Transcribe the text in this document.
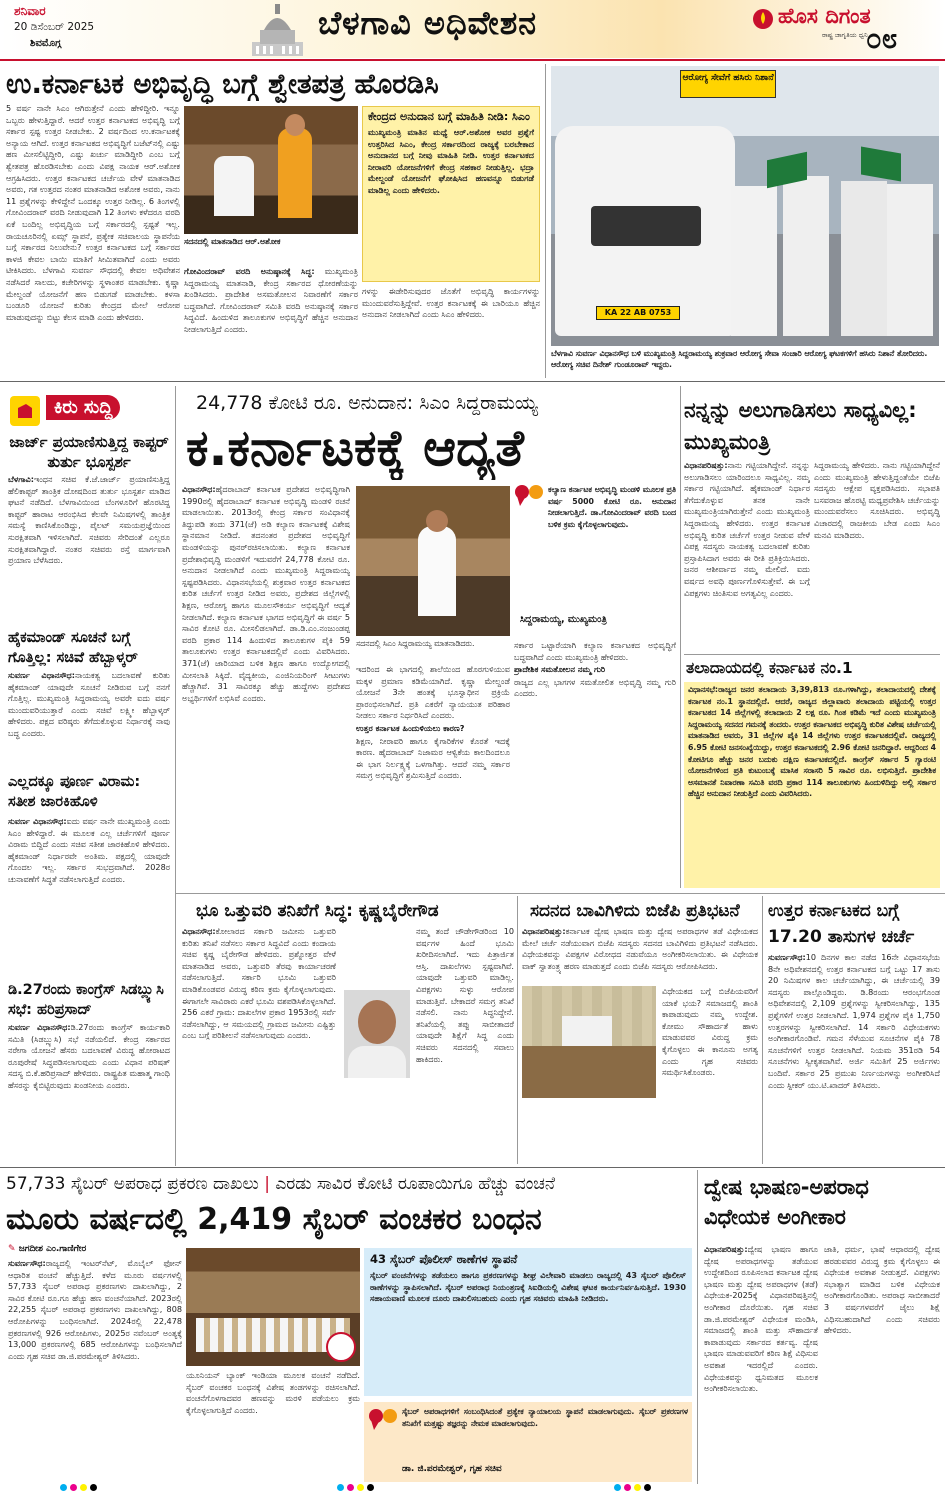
ಶನಿವಾರ
20 ಡಿಸೆಂಬರ್ 2025
ಶಿವಮೊಗ್ಗ
ಬೆಳಗಾವಿ ಅಧಿವೇಶನ	ಹೊಸ ದಿಗಂತ
ರಾಷ್ಟ್ರ ಜಾಗೃತಿಯ ಧ್ವನಿ
೦೮
ಉ.ಕರ್ನಾಟಕ ಅಭಿವೃದ್ಧಿ ಬಗ್ಗೆ ಶ್ವೇತಪತ್ರ ಹೊರಡಿಸಿ

5 ವರ್ಷ ನಾನೇ ಸಿಎಂ ಆಗಿರುತ್ತೇನೆ ಎಂದು ಹೇಳಿದ್ದೀರಿ. ಇನ್ನೂ ಒಬ್ಬರು ಹೇಳುತ್ತಿದ್ದಾರೆ. ಆದರೆ ಉತ್ತರ ಕರ್ನಾಟಕದ ಅಭಿವೃದ್ಧಿ ಬಗ್ಗೆ ಸರ್ಕಾರ ಸ್ಪಷ್ಟ ಉತ್ತರ ನೀಡಬೇಕು. 2 ವರ್ಷದಿಂದ ಉ.ಕರ್ನಾಟಕಕ್ಕೆ ಅನ್ಯಾಯ ಆಗಿದೆ. ಉತ್ತರ ಕರ್ನಾಟಕದ ಅಭಿವೃದ್ಧಿಗೆ ಬಜೆಟ್‌ನಲ್ಲಿ ಎಷ್ಟು ಹಣ ಮೀಸಲಿಟ್ಟಿದ್ದೀರಿ, ಎಷ್ಟು ಖರ್ಚು ಮಾಡಿದ್ದೀರಿ ಎಂಬ ಬಗ್ಗೆ ಶ್ವೇತಪತ್ರ ಹೊರಡಿಸಬೇಕು ಎಂದು ವಿಪಕ್ಷ ನಾಯಕ ಆರ್.ಅಶೋಕ ಆಗ್ರಹಿಸಿದರು. ಉತ್ತರ ಕರ್ನಾಟಕದ ಚರ್ಚೆಯ ವೇಳೆ ಮಾತನಾಡಿದ ಅವರು, ಗತ ಉತ್ತರದ ನಂತರ ಮಾತನಾಡಿದ ಅಶೋಕ ಅವರು, ನಾನು 11 ಪ್ರಶ್ನೆಗಳನ್ನು ಕೇಳಿದ್ದೇನೆ ಒಂದಕ್ಕೂ ಉತ್ತರ ನೀಡಿಲ್ಲ. 6 ತಿಂಗಳಲ್ಲಿ ಗೋವಿಂದರಾವ್ ವರದಿ ನೀಡುವುದಾಗಿ 12 ತಿಂಗಳು ಕಳೆದರೂ ವರದಿ ಏಕೆ ಬಂದಿಲ್ಲ ಅಭಿವೃದ್ಧಿಯ ಬಗ್ಗೆ ಸರ್ಕಾರದಲ್ಲಿ ಸ್ಪಷ್ಟತೆ ಇಲ್ಲ. ರಾಯಚೂರಿನಲ್ಲಿ ಏಮ್ಸ್ ಸ್ಥಾಪನೆ, ಪ್ರತ್ಯೇಕ ಸಚಿವಾಲಯ ಸ್ಥಾಪನೆಯ ಬಗ್ಗೆ ಸರ್ಕಾರದ ನಿಲುವೇನು? ಉತ್ತರ ಕರ್ನಾಟಕದ ಬಗ್ಗೆ ಸರ್ಕಾರದ ಕಾಳಜಿ ಕೇವಲ ಬಾಯಿ ಮಾತಿಗೆ ಸೀಮಿತವಾಗಿದೆ ಎಂದು ಅವರು ಟೀಕಿಸಿದರು. ಬೆಳಗಾವಿ ಸುವರ್ಣ ಸೌಧದಲ್ಲಿ ಕೇವಲ ಅಧಿವೇಶನ ನಡೆಸಿದರೆ ಸಾಲದು, ಕಚೇರಿಗಳನ್ನು ಸ್ಥಳಾಂತರ ಮಾಡಬೇಕು. ಕೃಷ್ಣಾ ಮೇಲ್ದಂಡೆ ಯೋಜನೆಗೆ ಹಣ ಬಿಡುಗಡೆ ಮಾಡಬೇಕು. ಕಳಸಾ ಬಂಡೂರಿ ಯೋಜನೆ ಕುರಿತು ಕೇಂದ್ರದ ಮೇಲೆ ಆರೋಪ ಮಾಡುವುದನ್ನು ಬಿಟ್ಟು ಕೆಲಸ ಮಾಡಿ ಎಂದು ಹೇಳಿದರು.

ಸದನದಲ್ಲಿ ಮಾತನಾಡಿದ ಆರ್.ಅಶೋಕ

ಗೋವಿಂದರಾವ್ ವರದಿ ಅನುಷ್ಠಾನಕ್ಕೆ ಸಿದ್ಧ: ಮುಖ್ಯಮಂತ್ರಿ ಸಿದ್ದರಾಮಯ್ಯ ಮಾತನಾಡಿ, ಕೇಂದ್ರ ಸರ್ಕಾರದ ಧೋರಣೆಯನ್ನು ಖಂಡಿಸಿದರು. ಪ್ರಾದೇಶಿಕ ಅಸಮತೋಲನ ನಿವಾರಣೆಗೆ ಸರ್ಕಾರ ಬದ್ಧವಾಗಿದೆ. ಗೋವಿಂದರಾವ್ ಸಮಿತಿ ವರದಿ ಅನುಷ್ಠಾನಕ್ಕೆ ಸರ್ಕಾರ ಸಿದ್ಧವಿದೆ. ಹಿಂದುಳಿದ ತಾಲೂಕುಗಳ ಅಭಿವೃದ್ಧಿಗೆ ಹೆಚ್ಚಿನ ಅನುದಾನ ನೀಡಲಾಗುತ್ತಿದೆ ಎಂದರು.

ಕೇಂದ್ರದ ಅನುದಾನ ಬಗ್ಗೆ ಮಾಹಿತಿ ನೀಡಿ: ಸಿಎಂ
ಮುಖ್ಯಮಂತ್ರಿ ಮಾತಿನ ಮಧ್ಯೆ ಆರ್.ಅಶೋಕ ಅವರ ಪ್ರಶ್ನೆಗೆ ಉತ್ತರಿಸಿದ ಸಿಎಂ, ಕೇಂದ್ರ ಸರ್ಕಾರದಿಂದ ರಾಜ್ಯಕ್ಕೆ ಬರಬೇಕಾದ ಅನುದಾನದ ಬಗ್ಗೆ ನೀವು ಮಾಹಿತಿ ನೀಡಿ. ಉತ್ತರ ಕರ್ನಾಟಕದ ನೀರಾವರಿ ಯೋಜನೆಗಳಿಗೆ ಕೇಂದ್ರ ಸಹಕಾರ ನೀಡುತ್ತಿಲ್ಲ. ಭದ್ರಾ ಮೇಲ್ದಂಡೆ ಯೋಜನೆಗೆ ಘೋಷಿಸಿದ ಹಣವನ್ನೂ ಬಿಡುಗಡೆ ಮಾಡಿಲ್ಲ ಎಂದು ಹೇಳಿದರು.
ಗಳನ್ನು ಈಡೇರಿಸುವುದರ ಜೊತೆಗೆ ಅಭಿವೃದ್ಧಿ ಕಾರ್ಯಗಳನ್ನು ಮುಂದುವರೆಸುತ್ತಿದ್ದೇವೆ. ಉತ್ತರ ಕರ್ನಾಟಕಕ್ಕೆ ಈ ಬಾರಿಯೂ ಹೆಚ್ಚಿನ ಅನುದಾನ ನೀಡಲಾಗಿದೆ ಎಂದು ಸಿಎಂ ಹೇಳಿದರು.	KA 22 AB 0753
ಆರೋಗ್ಯ ಸೇವೆಗೆ ಹಸಿರು ನಿಶಾನೆ
ಬೆಳಗಾವಿ ಸುವರ್ಣ ವಿಧಾನಸೌಧ ಬಳಿ ಮುಖ್ಯಮಂತ್ರಿ ಸಿದ್ದರಾಮಯ್ಯ ಶುಕ್ರವಾರ ಆರೋಗ್ಯ ಸೇವಾ ಸಂಚಾರಿ ಆರೋಗ್ಯ ಘಟಕಗಳಿಗೆ ಹಸಿರು ನಿಶಾನೆ ತೋರಿದರು. ಆರೋಗ್ಯ ಸಚಿವ ದಿನೇಶ್ ಗುಂಡೂರಾವ್ ಇದ್ದರು.
ಕಿರು ಸುದ್ದಿ
ಜಾರ್ಜ್ ಪ್ರಯಾಣಿಸುತ್ತಿದ್ದ ಕಾಪ್ಟರ್ ತುರ್ತು ಭೂಸ್ಪರ್ಶ

ಬೆಳಗಾವಿ:ಇಂಧನ ಸಚಿವ ಕೆ.ಜೆ.ಜಾರ್ಜ್ ಪ್ರಯಾಣಿಸುತ್ತಿದ್ದ ಹೆಲಿಕಾಪ್ಟರ್ ತಾಂತ್ರಿಕ ದೋಷದಿಂದ ತುರ್ತು ಭೂಸ್ಪರ್ಶ ಮಾಡಿದ ಘಟನೆ ನಡೆದಿದೆ. ಬೆಳಗಾವಿಯಿಂದ ಬೆಂಗಳೂರಿಗೆ ಹೊರಟಿದ್ದ ಕಾಪ್ಟರ್ ಹಾರಾಟ ಆರಂಭಿಸಿದ ಕೆಲವೇ ನಿಮಿಷಗಳಲ್ಲಿ ತಾಂತ್ರಿಕ ಸಮಸ್ಯೆ ಕಾಣಿಸಿಕೊಂಡಿದ್ದು, ಪೈಲಟ್ ಸಮಯಪ್ರಜ್ಞೆಯಿಂದ ಸುರಕ್ಷಿತವಾಗಿ ಇಳಿಸಲಾಗಿದೆ. ಸಚಿವರು ಸೇರಿದಂತೆ ಎಲ್ಲರೂ ಸುರಕ್ಷಿತವಾಗಿದ್ದಾರೆ. ನಂತರ ಸಚಿವರು ರಸ್ತೆ ಮಾರ್ಗವಾಗಿ ಪ್ರಯಾಣ ಬೆಳೆಸಿದರು.

ಹೈಕಮಾಂಡ್ ಸೂಚನೆ ಬಗ್ಗೆ ಗೊತ್ತಿಲ್ಲ: ಸಚಿವೆ ಹೆಬ್ಬಾಳ್ಕರ್

ಸುವರ್ಣ ವಿಧಾನಸೌಧ:ನಾಯಕತ್ವ ಬದಲಾವಣೆ ಕುರಿತು ಹೈಕಮಾಂಡ್ ಯಾವುದೇ ಸೂಚನೆ ನೀಡಿರುವ ಬಗ್ಗೆ ನನಗೆ ಗೊತ್ತಿಲ್ಲ. ಮುಖ್ಯಮಂತ್ರಿ ಸಿದ್ದರಾಮಯ್ಯ ಅವರೇ ಐದು ವರ್ಷ ಮುಂದುವರಿಯುತ್ತಾರೆ ಎಂದು ಸಚಿವೆ ಲಕ್ಷ್ಮೀ ಹೆಬ್ಬಾಳ್ಕರ್ ಹೇಳಿದರು. ಪಕ್ಷದ ವರಿಷ್ಠರು ತೆಗೆದುಕೊಳ್ಳುವ ನಿರ್ಧಾರಕ್ಕೆ ನಾವು ಬದ್ಧ ಎಂದರು.

ಎಲ್ಲದಕ್ಕೂ ಪೂರ್ಣ ವಿರಾಮ: ಸತೀಶ ಜಾರಕಿಹೊಳಿ

ಸುವರ್ಣ ವಿಧಾನಸೌಧ:ಐದು ವರ್ಷ ನಾನೇ ಮುಖ್ಯಮಂತ್ರಿ ಎಂದು ಸಿಎಂ ಹೇಳಿದ್ದಾರೆ. ಈ ಮೂಲಕ ಎಲ್ಲ ಚರ್ಚೆಗಳಿಗೆ ಪೂರ್ಣ ವಿರಾಮ ಬಿದ್ದಿದೆ ಎಂದು ಸಚಿವ ಸತೀಶ ಜಾರಕಿಹೊಳಿ ಹೇಳಿದರು. ಹೈಕಮಾಂಡ್ ನಿರ್ಧಾರವೇ ಅಂತಿಮ. ಪಕ್ಷದಲ್ಲಿ ಯಾವುದೇ ಗೊಂದಲ ಇಲ್ಲ. ಸರ್ಕಾರ ಸುಭದ್ರವಾಗಿದೆ. 2028ರ ಚುನಾವಣೆಗೆ ಸಿದ್ಧತೆ ನಡೆಸಲಾಗುತ್ತಿದೆ ಎಂದರು.

ಡಿ.27ರಂದು ಕಾಂಗ್ರೆಸ್ ಸಿಡಬ್ಲ್ಯುಸಿ ಸಭೆ: ಹರಿಪ್ರಸಾದ್

ಸುವರ್ಣ ವಿಧಾನಸೌಧ:ಡಿ.27ರಂದು ಕಾಂಗ್ರೆಸ್ ಕಾರ್ಯಕಾರಿ ಸಮಿತಿ (ಸಿಡಬ್ಲ್ಯುಸಿ) ಸಭೆ ನಡೆಯಲಿದೆ. ಕೇಂದ್ರ ಸರ್ಕಾರದ ನರೇಗಾ ಯೋಜನೆ ಹೆಸರು ಬದಲಾವಣೆ ವಿರುದ್ಧ ಹೋರಾಟದ ರೂಪುರೇಷೆ ಸಿದ್ಧಪಡಿಸಲಾಗುವುದು ಎಂದು ವಿಧಾನ ಪರಿಷತ್ ಸದಸ್ಯ ಬಿ.ಕೆ.ಹರಿಪ್ರಸಾದ್ ಹೇಳಿದರು. ರಾಷ್ಟ್ರಪಿತ ಮಹಾತ್ಮ ಗಾಂಧಿ ಹೆಸರನ್ನು ಕೈಬಿಟ್ಟಿರುವುದು ಖಂಡನೀಯ ಎಂದರು.

24,778 ಕೋಟಿ ರೂ. ಅನುದಾನ: ಸಿಎಂ ಸಿದ್ದರಾಮಯ್ಯ
ಕ.ಕರ್ನಾಟಕಕ್ಕೆ ಆದ್ಯತೆ

ವಿಧಾನಸೌಧ:ಹೈದರಾಬಾದ್ ಕರ್ನಾಟಕ ಪ್ರದೇಶದ ಅಭಿವೃದ್ಧಿಗಾಗಿ 1990ರಲ್ಲಿ ಹೈದರಾಬಾದ್ ಕರ್ನಾಟಕ ಅಭಿವೃದ್ಧಿ ಮಂಡಳಿ ರಚನೆ ಮಾಡಲಾಯಿತು. 2013ರಲ್ಲಿ ಕೇಂದ್ರ ಸರ್ಕಾರ ಸಂವಿಧಾನಕ್ಕೆ ತಿದ್ದುಪಡಿ ತಂದು 371(ಜೆ) ಅಡಿ ಕಲ್ಯಾಣ ಕರ್ನಾಟಕಕ್ಕೆ ವಿಶೇಷ ಸ್ಥಾನಮಾನ ನೀಡಿದೆ. ತದನಂತರ ಪ್ರದೇಶದ ಅಭಿವೃದ್ಧಿಗೆ ಮಂಡಳಿಯನ್ನು ಪುನರ್‌ರಚಿಸಲಾಯಿತು. ಕಲ್ಯಾಣ ಕರ್ನಾಟಕ ಪ್ರದೇಶಾಭಿವೃದ್ಧಿ ಮಂಡಳಿಗೆ ಇದುವರೆಗೆ 24,778 ಕೋಟಿ ರೂ. ಅನುದಾನ ನೀಡಲಾಗಿದೆ ಎಂದು ಮುಖ್ಯಮಂತ್ರಿ ಸಿದ್ದರಾಮಯ್ಯ ಸ್ಪಷ್ಟಪಡಿಸಿದರು. ವಿಧಾನಸಭೆಯಲ್ಲಿ ಶುಕ್ರವಾರ ಉತ್ತರ ಕರ್ನಾಟಕದ ಕುರಿತ ಚರ್ಚೆಗೆ ಉತ್ತರ ನೀಡಿದ ಅವರು, ಪ್ರದೇಶದ ಜಿಲ್ಲೆಗಳಲ್ಲಿ ಶಿಕ್ಷಣ, ಆರೋಗ್ಯ ಹಾಗೂ ಮೂಲಸೌಕರ್ಯ ಅಭಿವೃದ್ಧಿಗೆ ಆದ್ಯತೆ ನೀಡಲಾಗಿದೆ. ಕಲ್ಯಾಣ ಕರ್ನಾಟಕ ಭಾಗದ ಅಭಿವೃದ್ಧಿಗೆ ಈ ವರ್ಷ 5 ಸಾವಿರ ಕೋಟಿ ರೂ. ಮೀಸಲಿಡಲಾಗಿದೆ. ಡಾ.ಡಿ.ಎಂ.ನಂಜುಂಡಪ್ಪ ವರದಿ ಪ್ರಕಾರ 114 ಹಿಂದುಳಿದ ತಾಲೂಕುಗಳ ಪೈಕಿ 59 ತಾಲೂಕುಗಳು ಉತ್ತರ ಕರ್ನಾಟಕದಲ್ಲಿವೆ ಎಂದು ವಿವರಿಸಿದರು. 371(ಜೆ) ಜಾರಿಯಾದ ಬಳಿಕ ಶಿಕ್ಷಣ ಹಾಗೂ ಉದ್ಯೋಗದಲ್ಲಿ ಮೀಸಲಾತಿ ಸಿಕ್ಕಿದೆ. ವೈದ್ಯಕೀಯ, ಎಂಜಿನಿಯರಿಂಗ್ ಸೀಟುಗಳು ಹೆಚ್ಚಾಗಿವೆ. 31 ಸಾವಿರಕ್ಕೂ ಹೆಚ್ಚು ಹುದ್ದೆಗಳು ಪ್ರದೇಶದ ಅಭ್ಯರ್ಥಿಗಳಿಗೆ ಲಭಿಸಿವೆ ಎಂದರು.

ಸದನದಲ್ಲಿ ಸಿಎಂ ಸಿದ್ದರಾಮಯ್ಯ ಮಾತನಾಡಿದರು.

ಇದರಿಂದ ಈ ಭಾಗದಲ್ಲಿ ಶಾಲೆಯಿಂದ ಹೊರಗುಳಿಯುವ ಮಕ್ಕಳ ಪ್ರಮಾಣ ಕಡಿಮೆಯಾಗಿದೆ. ಕೃಷ್ಣಾ ಮೇಲ್ದಂಡೆ ಯೋಜನೆ 3ನೇ ಹಂತಕ್ಕೆ ಭೂಸ್ವಾಧೀನ ಪ್ರಕ್ರಿಯೆ ಪ್ರಾರಂಭಿಸಲಾಗಿದೆ. ಪ್ರತಿ ಎಕರೆಗೆ ನ್ಯಾಯಯುತ ಪರಿಹಾರ ನೀಡಲು ಸರ್ಕಾರ ನಿರ್ಧರಿಸಿದೆ ಎಂದರು.

ಉತ್ತರ ಕರ್ನಾಟಕ ಹಿಂದುಳಿಯಲು ಕಾರಣ?

ಶಿಕ್ಷಣ, ನೀರಾವರಿ ಹಾಗೂ ಕೈಗಾರಿಕೆಗಳ ಕೊರತೆ ಇದಕ್ಕೆ ಕಾರಣ. ಹೈದರಾಬಾದ್ ನಿಜಾಮರ ಆಳ್ವಿಕೆಯ ಕಾಲದಿಂದಲೂ ಈ ಭಾಗ ನಿರ್ಲಕ್ಷ್ಯಕ್ಕೆ ಒಳಗಾಗಿತ್ತು. ಆದರೆ ನಮ್ಮ ಸರ್ಕಾರ ಸಮಗ್ರ ಅಭಿವೃದ್ಧಿಗೆ ಶ್ರಮಿಸುತ್ತಿದೆ ಎಂದರು.

ಕಲ್ಯಾಣ ಕರ್ನಾಟಕ ಅಭಿವೃದ್ಧಿ ಮಂಡಳಿ ಮೂಲಕ ಪ್ರತಿ ವರ್ಷ 5000 ಕೋಟಿ ರೂ. ಅನುದಾನ ನೀಡಲಾಗುತ್ತಿದೆ. ಡಾ.ಗೋವಿಂದರಾವ್ ವರದಿ ಬಂದ ಬಳಿಕ ಕ್ರಮ ಕೈಗೊಳ್ಳಲಾಗುವುದು.
ಸಿದ್ದರಾಮಯ್ಯ, ಮುಖ್ಯಮಂತ್ರಿ

ಸರ್ಕಾರ ಒಟ್ಟಾರೆಯಾಗಿ ಕಲ್ಯಾಣ ಕರ್ನಾಟಕದ ಅಭಿವೃದ್ಧಿಗೆ ಬದ್ಧವಾಗಿದೆ ಎಂದು ಮುಖ್ಯಮಂತ್ರಿ ಹೇಳಿದರು.

ಪ್ರಾದೇಶಿಕ ಸಮತೋಲನ ನಮ್ಮ ಗುರಿ

ರಾಜ್ಯದ ಎಲ್ಲ ಭಾಗಗಳ ಸಮತೋಲಿತ ಅಭಿವೃದ್ಧಿ ನಮ್ಮ ಗುರಿ ಎಂದರು.

ನನ್ನನ್ನು ಅಲುಗಾಡಿಸಲು ಸಾಧ್ಯವಿಲ್ಲ: ಮುಖ್ಯಮಂತ್ರಿ

ವಿಧಾನಪರಿಷತ್ತು:ನಾನು ಗಟ್ಟಿಯಾಗಿದ್ದೇನೆ. ನನ್ನನ್ನು ಅಲುಗಾಡಿಸಲು ಯಾರಿಂದಲೂ ಸಾಧ್ಯವಿಲ್ಲ. ನಮ್ಮ ಸರ್ಕಾರ ಗಟ್ಟಿಯಾಗಿದೆ. ಹೈಕಮಾಂಡ್ ನಿರ್ಧಾರ ತೆಗೆದುಕೊಳ್ಳುವ ತನಕ ನಾನೇ ಮುಖ್ಯಮಂತ್ರಿಯಾಗಿರುತ್ತೇನೆ ಎಂದು ಮುಖ್ಯಮಂತ್ರಿ ಸಿದ್ದರಾಮಯ್ಯ ಹೇಳಿದರು. ಉತ್ತರ ಕರ್ನಾಟಕ ಅಭಿವೃದ್ಧಿ ಕುರಿತ ಚರ್ಚೆಗೆ ಉತ್ತರ ನೀಡುವ ವೇಳೆ ವಿಪಕ್ಷ ಸದಸ್ಯರು ನಾಯಕತ್ವ ಬದಲಾವಣೆ ಕುರಿತು ಪ್ರಸ್ತಾಪಿಸಿದಾಗ ಅವರು ಈ ರೀತಿ ಪ್ರತಿಕ್ರಿಯಿಸಿದರು. ಜನರ ಆಶೀರ್ವಾದ ನಮ್ಮ ಮೇಲಿದೆ. ಐದು ವರ್ಷದ ಅವಧಿ ಪೂರ್ಣಗೊಳಿಸುತ್ತೇವೆ. ಈ ಬಗ್ಗೆ ವಿಪಕ್ಷಗಳು ಚಿಂತಿಸುವ ಅಗತ್ಯವಿಲ್ಲ ಎಂದರು.

ಸಿದ್ದರಾಮಯ್ಯ ಹೇಳಿದರು. ನಾನು ಗಟ್ಟಿಯಾಗಿದ್ದೇನೆ ಎಂದು ಮುಖ್ಯಮಂತ್ರಿ ಹೇಳುತ್ತಿದ್ದಂತೆಯೇ ಬಿಜೆಪಿ ಸದಸ್ಯರು ಆಕ್ಷೇಪ ವ್ಯಕ್ತಪಡಿಸಿದರು. ಸಭಾಪತಿ ಬಸವರಾಜ ಹೊರಟ್ಟಿ ಮಧ್ಯಪ್ರವೇಶಿಸಿ ಚರ್ಚೆಯನ್ನು ಮುಂದುವರೆಸಲು ಸೂಚಿಸಿದರು. ಅಭಿವೃದ್ಧಿ ವಿಚಾರದಲ್ಲಿ ರಾಜಕೀಯ ಬೇಡ ಎಂದು ಸಿಎಂ ಮನವಿ ಮಾಡಿದರು.
ತಲಾದಾಯದಲ್ಲಿ ಕರ್ನಾಟಕ ನಂ.1
ವಿಧಾನಸಭೆ:ರಾಜ್ಯದ ಜನರ ತಲಾದಾಯ 3,39,813 ರೂ.ಗಳಾಗಿದ್ದು, ತಲಾದಾಯದಲ್ಲಿ ದೇಶಕ್ಕೆ ಕರ್ನಾಟಕ ನಂ.1 ಸ್ಥಾನದಲ್ಲಿದೆ. ಆದರೆ, ರಾಜ್ಯದ ಜಿಲ್ಲಾವಾರು ತಲಾದಾಯ ಪಟ್ಟಿಯಲ್ಲಿ ಉತ್ತರ ಕರ್ನಾಟಕದ 14 ಜಿಲ್ಲೆಗಳಲ್ಲಿ ತಲಾದಾಯ 2 ಲಕ್ಷ ರೂ. ಗಿಂತ ಕಡಿಮೆ ಇದೆ ಎಂದು ಮುಖ್ಯಮಂತ್ರಿ ಸಿದ್ದರಾಮಯ್ಯ ಸದನದ ಗಮನಕ್ಕೆ ತಂದರು. ಉತ್ತರ ಕರ್ನಾಟಕದ ಅಭಿವೃದ್ಧಿ ಕುರಿತ ವಿಶೇಷ ಚರ್ಚೆಯಲ್ಲಿ ಮಾತನಾಡಿದ ಅವರು, 31 ಜಿಲ್ಲೆಗಳ ಪೈಕಿ 14 ಜಿಲ್ಲೆಗಳು ಉತ್ತರ ಕರ್ನಾಟಕದಲ್ಲಿವೆ. ರಾಜ್ಯದಲ್ಲಿ 6.95 ಕೋಟಿ ಜನಸಂಖ್ಯೆಯಿದ್ದು, ಉತ್ತರ ಕರ್ನಾಟಕದಲ್ಲಿ 2.96 ಕೋಟಿ ಜನರಿದ್ದಾರೆ. ಆದ್ದರಿಂದ 4 ಕೋಟಿಗೂ ಹೆಚ್ಚು ಜನರ ಬದುಕು ದಕ್ಷಿಣ ಕರ್ನಾಟಕದಲ್ಲಿದೆ. ಕಾಂಗ್ರೆಸ್ ಸರ್ಕಾರ 5 ಗ್ಯಾರಂಟಿ ಯೋಜನೆಗಳಿಂದ ಪ್ರತಿ ಕುಟುಂಬಕ್ಕೆ ಮಾಸಿಕ ಸರಾಸರಿ 5 ಸಾವಿರ ರೂ. ಲಭಿಸುತ್ತಿದೆ. ಪ್ರಾದೇಶಿಕ ಅಸಮಾನತೆ ನಿವಾರಣಾ ಸಮಿತಿ ವರದಿ ಪ್ರಕಾರ 114 ತಾಲೂಕುಗಳು ಹಿಂದುಳಿದಿದ್ದು ಅಲ್ಲಿ ಸರ್ಕಾರ ಹೆಚ್ಚಿನ ಅನುದಾನ ನೀಡುತ್ತಿದೆ ಎಂದು ವಿವರಿಸಿದರು.
ಭೂ ಒತ್ತುವರಿ ತನಿಖೆಗೆ ಸಿದ್ಧ: ಕೃಷ್ಣಬೈರೇಗೌಡ

ವಿಧಾನಸೌಧ:ಕೋಲಾರದ ಸರ್ಕಾರಿ ಜಮೀನು ಒತ್ತುವರಿ ಕುರಿತು ತನಿಖೆ ನಡೆಸಲು ಸರ್ಕಾರ ಸಿದ್ಧವಿದೆ ಎಂದು ಕಂದಾಯ ಸಚಿವ ಕೃಷ್ಣ ಬೈರೇಗೌಡ ಹೇಳಿದರು. ಪ್ರಶ್ನೋತ್ತರ ವೇಳೆ ಮಾತನಾಡಿದ ಅವರು, ಒತ್ತುವರಿ ತೆರವು ಕಾರ್ಯಾಚರಣೆ ನಡೆಸಲಾಗುತ್ತಿದೆ. ಸರ್ಕಾರಿ ಭೂಮಿ ಒತ್ತುವರಿ ಮಾಡಿಕೊಂಡವರ ವಿರುದ್ಧ ಕಠಿಣ ಕ್ರಮ ಕೈಗೊಳ್ಳಲಾಗುವುದು. ಈಗಾಗಲೇ ಸಾವಿರಾರು ಎಕರೆ ಭೂಮಿ ವಶಪಡಿಸಿಕೊಳ್ಳಲಾಗಿದೆ. 256 ಎಕರೆ ಗ್ರಾಮ: ದಾಖಲೆಗಳ ಪ್ರಕಾರ 1953ರಲ್ಲಿ ಸರ್ವೆ ನಡೆಸಲಾಗಿದ್ದು, ಆ ಸಮಯದಲ್ಲಿ ಗ್ರಾಮದ ಜಮೀನು ಎಷ್ಟಿತ್ತು ಎಂಬ ಬಗ್ಗೆ ಪರಿಶೀಲನೆ ನಡೆಸಲಾಗುವುದು ಎಂದರು.

ನಮ್ಮ ತಂದೆ ಚೌಡೇಗೌಡರಿಂದ 10 ವರ್ಷಗಳ ಹಿಂದೆ ಭೂಮಿ ಖರೀದಿಸಲಾಗಿದೆ. ಇದು ಪಿತ್ರಾರ್ಜಿತ ಆಸ್ತಿ. ದಾಖಲೆಗಳು ಸ್ಪಷ್ಟವಾಗಿವೆ. ಯಾವುದೇ ಒತ್ತುವರಿ ಮಾಡಿಲ್ಲ. ವಿಪಕ್ಷಗಳು ಸುಳ್ಳು ಆರೋಪ ಮಾಡುತ್ತಿವೆ. ಬೇಕಾದರೆ ಸಮಗ್ರ ತನಿಖೆ ನಡೆಸಲಿ. ನಾನು ಸಿದ್ಧನಿದ್ದೇನೆ. ತನಿಖೆಯಲ್ಲಿ ತಪ್ಪು ಸಾಬೀತಾದರೆ ಯಾವುದೇ ಶಿಕ್ಷೆಗೆ ಸಿದ್ಧ ಎಂದು ಸಚಿವರು ಸದನದಲ್ಲಿ ಸವಾಲು ಹಾಕಿದರು.
ಸದನದ ಬಾವಿಗಿಳಿದು ಬಿಜೆಪಿ ಪ್ರತಿಭಟನೆ

ವಿಧಾನಪರಿಷತ್ತು:ಕರ್ನಾಟಕ ದ್ವೇಷ ಭಾಷಣ ಮತ್ತು ದ್ವೇಷ ಅಪರಾಧಗಳ ತಡೆ ವಿಧೇಯಕದ ಮೇಲೆ ಚರ್ಚೆ ನಡೆಯುವಾಗ ಬಿಜೆಪಿ ಸದಸ್ಯರು ಸದನದ ಬಾವಿಗಿಳಿದು ಪ್ರತಿಭಟನೆ ನಡೆಸಿದರು. ವಿಧೇಯಕವನ್ನು ವಿಪಕ್ಷಗಳ ವಿರೋಧದ ನಡುವೆಯೂ ಅಂಗೀಕರಿಸಲಾಯಿತು. ಈ ವಿಧೇಯಕ ವಾಕ್ ಸ್ವಾತಂತ್ರ್ಯ ಹರಣ ಮಾಡುತ್ತದೆ ಎಂದು ಬಿಜೆಪಿ ಸದಸ್ಯರು ಆರೋಪಿಸಿದರು.

ವಿಧೇಯಕದ ಬಗ್ಗೆ ಬಿಜೆಪಿಯವರಿಗೆ ಯಾಕೆ ಭಯ? ಸಮಾಜದಲ್ಲಿ ಶಾಂತಿ ಕಾಪಾಡುವುದು ನಮ್ಮ ಉದ್ದೇಶ. ಕೋಮು ಸೌಹಾರ್ದತೆ ಹಾಳು ಮಾಡುವವರ ವಿರುದ್ಧ ಕ್ರಮ ಕೈಗೊಳ್ಳಲು ಈ ಕಾನೂನು ಅಗತ್ಯ ಎಂದು ಗೃಹ ಸಚಿವರು ಸಮರ್ಥಿಸಿಕೊಂಡರು.
ಉತ್ತರ ಕರ್ನಾಟಕದ ಬಗ್ಗೆ 17.20 ತಾಸುಗಳ ಚರ್ಚೆ

ಸುವರ್ಣಸೌಧ:10 ದಿನಗಳ ಕಾಲ ನಡೆದ 16ನೇ ವಿಧಾನಸಭೆಯ 8ನೇ ಅಧಿವೇಶನದಲ್ಲಿ ಉತ್ತರ ಕರ್ನಾಟಕದ ಬಗ್ಗೆ ಒಟ್ಟು 17 ತಾಸು 20 ನಿಮಿಷಗಳ ಕಾಲ ಚರ್ಚೆಯಾಗಿದ್ದು, ಈ ಚರ್ಚೆಯಲ್ಲಿ 39 ಸದಸ್ಯರು ಪಾಲ್ಗೊಂಡಿದ್ದರು. ಡಿ.8ರಂದು ಆರಂಭಗೊಂಡ ಅಧಿವೇಶನದಲ್ಲಿ 2,109 ಪ್ರಶ್ನೆಗಳನ್ನು ಸ್ವೀಕರಿಸಲಾಗಿದ್ದು, 135 ಪ್ರಶ್ನೆಗಳಿಗೆ ಉತ್ತರ ನೀಡಲಾಗಿದೆ. 1,974 ಪ್ರಶ್ನೆಗಳ ಪೈಕಿ 1,750 ಉತ್ತರಗಳನ್ನು ಸ್ವೀಕರಿಸಲಾಗಿದೆ. 14 ಸರ್ಕಾರಿ ವಿಧೇಯಕಗಳು ಅಂಗೀಕಾರಗೊಂಡಿವೆ. ಗಮನ ಸೆಳೆಯುವ ಸೂಚನೆಗಳ ಪೈಕಿ 78 ಸೂಚನೆಗಳಿಗೆ ಉತ್ತರ ನೀಡಲಾಗಿದೆ. ನಿಯಮ 351ರಡಿ 54 ಸೂಚನೆಗಳು ಸ್ವೀಕೃತವಾಗಿವೆ. ಅರ್ಜಿ ಸಮಿತಿಗೆ 25 ಅರ್ಜಿಗಳು ಬಂದಿವೆ. ಸರ್ಕಾರ 25 ಪ್ರಮುಖ ನಿರ್ಣಯಗಳನ್ನು ಅಂಗೀಕರಿಸಿದೆ ಎಂದು ಸ್ಪೀಕರ್ ಯು.ಟಿ.ಖಾದರ್ ತಿಳಿಸಿದರು.

57,733 ಸೈಬರ್ ಅಪರಾಧ ಪ್ರಕರಣ ದಾಖಲು | ಎರಡು ಸಾವಿರ ಕೋಟಿ ರೂಪಾಯಿಗೂ ಹೆಚ್ಚು ವಂಚನೆ
ಮೂರು ವರ್ಷದಲ್ಲಿ 2,419 ಸೈಬರ್ ವಂಚಕರ ಬಂಧನ
✎ ಜಗದೀಶ ಎಂ.ಗಾಣಿಗೇರ

ಸುವರ್ಣಸೌಧ:ರಾಜ್ಯದಲ್ಲಿ ಇಂಟರ್‌ನೆಟ್, ಮೊಬೈಲ್ ಫೋನ್ ಆಧಾರಿತ ವಂಚನೆ ಹೆಚ್ಚುತ್ತಿದೆ. ಕಳೆದ ಮೂರು ವರ್ಷಗಳಲ್ಲಿ 57,733 ಸೈಬರ್ ಅಪರಾಧ ಪ್ರಕರಣಗಳು ದಾಖಲಾಗಿದ್ದು, 2 ಸಾವಿರ ಕೋಟಿ ರೂ.ಗೂ ಹೆಚ್ಚು ಹಣ ವಂಚನೆಯಾಗಿದೆ. 2023ರಲ್ಲಿ 22,255 ಸೈಬರ್ ಅಪರಾಧ ಪ್ರಕರಣಗಳು ದಾಖಲಾಗಿದ್ದು, 808 ಆರೋಪಿಗಳನ್ನು ಬಂಧಿಸಲಾಗಿದೆ. 2024ರಲ್ಲಿ 22,478 ಪ್ರಕರಣಗಳಲ್ಲಿ 926 ಆರೋಪಿಗಳು, 2025ರ ನವೆಂಬರ್ ಅಂತ್ಯಕ್ಕೆ 13,000 ಪ್ರಕರಣಗಳಲ್ಲಿ 685 ಆರೋಪಿಗಳನ್ನು ಬಂಧಿಸಲಾಗಿದೆ ಎಂದು ಗೃಹ ಸಚಿವ ಡಾ.ಜಿ.ಪರಮೇಶ್ವರ್ ತಿಳಿಸಿದರು.

ಯೂನಿಯನ್ ಬ್ಯಾಂಕ್ ಇಂಡಿಯಾ ಮೂಲಕ ವಂಚನೆ ನಡೆದಿದೆ. ಸೈಬರ್ ವಂಚಕರ ಬಂಧನಕ್ಕೆ ವಿಶೇಷ ತಂಡಗಳನ್ನು ರಚಿಸಲಾಗಿದೆ. ವಂಚನೆಗೊಳಗಾದವರ ಹಣವನ್ನು ಮರಳಿ ಪಡೆಯಲು ಕ್ರಮ ಕೈಗೊಳ್ಳಲಾಗುತ್ತಿದೆ ಎಂದರು.
43 ಸೈಬರ್ ಪೊಲೀಸ್ ಠಾಣೆಗಳ ಸ್ಥಾಪನೆ
ಸೈಬರ್ ವಂಚನೆಗಳನ್ನು ತಡೆಯಲು ಹಾಗೂ ಪ್ರಕರಣಗಳನ್ನು ಶೀಘ್ರ ವಿಲೇವಾರಿ ಮಾಡಲು ರಾಜ್ಯದಲ್ಲಿ 43 ಸೈಬರ್ ಪೊಲೀಸ್ ಠಾಣೆಗಳನ್ನು ಸ್ಥಾಪಿಸಲಾಗಿದೆ. ಸೈಬರ್ ಅಪರಾಧ ನಿಯಂತ್ರಣಕ್ಕೆ ಸಿಐಡಿಯಲ್ಲಿ ವಿಶೇಷ ಘಟಕ ಕಾರ್ಯನಿರ್ವಹಿಸುತ್ತಿದೆ. 1930 ಸಹಾಯವಾಣಿ ಮೂಲಕ ದೂರು ದಾಖಲಿಸಬಹುದು ಎಂದು ಗೃಹ ಸಚಿವರು ಮಾಹಿತಿ ನೀಡಿದರು.
ಸೈಬರ್ ಅಪರಾಧಗಳಿಗೆ ಸಂಬಂಧಿಸಿದಂತೆ ಪ್ರತ್ಯೇಕ ನ್ಯಾಯಾಲಯ ಸ್ಥಾಪನೆ ಮಾಡಲಾಗುವುದು. ಸೈಬರ್ ಪ್ರಕರಣಗಳ ತನಿಖೆಗೆ ಮತ್ತಷ್ಟು ತಜ್ಞರನ್ನು ನೇಮಕ ಮಾಡಲಾಗುವುದು.
ಡಾ. ಜಿ.ಪರಮೇಶ್ವರ್, ಗೃಹ ಸಚಿವ
ದ್ವೇಷ ಭಾಷಣ-ಅಪರಾಧ ವಿಧೇಯಕ ಅಂಗೀಕಾರ

ವಿಧಾನಪರಿಷತ್ತು:ದ್ವೇಷ ಭಾಷಣ ಹಾಗೂ ದ್ವೇಷ ಅಪರಾಧಗಳನ್ನು ತಡೆಯುವ ಉದ್ದೇಶದಿಂದ ರೂಪಿಸಲಾದ ಕರ್ನಾಟಕ ದ್ವೇಷ ಭಾಷಣ ಮತ್ತು ದ್ವೇಷ ಅಪರಾಧಗಳ (ತಡೆ) ವಿಧೇಯಕ-2025ಕ್ಕೆ ವಿಧಾನಪರಿಷತ್ತಿನಲ್ಲಿ ಅಂಗೀಕಾರ ದೊರೆಯಿತು. ಗೃಹ ಸಚಿವ ಡಾ.ಜಿ.ಪರಮೇಶ್ವರ್ ವಿಧೇಯಕ ಮಂಡಿಸಿ, ಸಮಾಜದಲ್ಲಿ ಶಾಂತಿ ಮತ್ತು ಸೌಹಾರ್ದತೆ ಕಾಪಾಡುವುದು ಸರ್ಕಾರದ ಕರ್ತವ್ಯ. ದ್ವೇಷ ಭಾಷಣ ಮಾಡುವವರಿಗೆ ಕಠಿಣ ಶಿಕ್ಷೆ ವಿಧಿಸುವ ಅವಕಾಶ ಇದರಲ್ಲಿದೆ ಎಂದರು. ವಿಧೇಯಕವನ್ನು ಧ್ವನಿಮತದ ಮೂಲಕ ಅಂಗೀಕರಿಸಲಾಯಿತು.

ಜಾತಿ, ಧರ್ಮ, ಭಾಷೆ ಆಧಾರದಲ್ಲಿ ದ್ವೇಷ ಹರಡುವವರ ವಿರುದ್ಧ ಕ್ರಮ ಕೈಗೊಳ್ಳಲು ಈ ವಿಧೇಯಕ ಅವಕಾಶ ನೀಡುತ್ತದೆ. ವಿಪಕ್ಷಗಳು ಸಭಾತ್ಯಾಗ ಮಾಡಿದ ಬಳಿಕ ವಿಧೇಯಕ ಅಂಗೀಕಾರಗೊಂಡಿತು. ಅಪರಾಧ ಸಾಬೀತಾದರೆ 3 ವರ್ಷಗಳವರೆಗೆ ಜೈಲು ಶಿಕ್ಷೆ ವಿಧಿಸಬಹುದಾಗಿದೆ ಎಂದು ಸಚಿವರು ಹೇಳಿದರು.
